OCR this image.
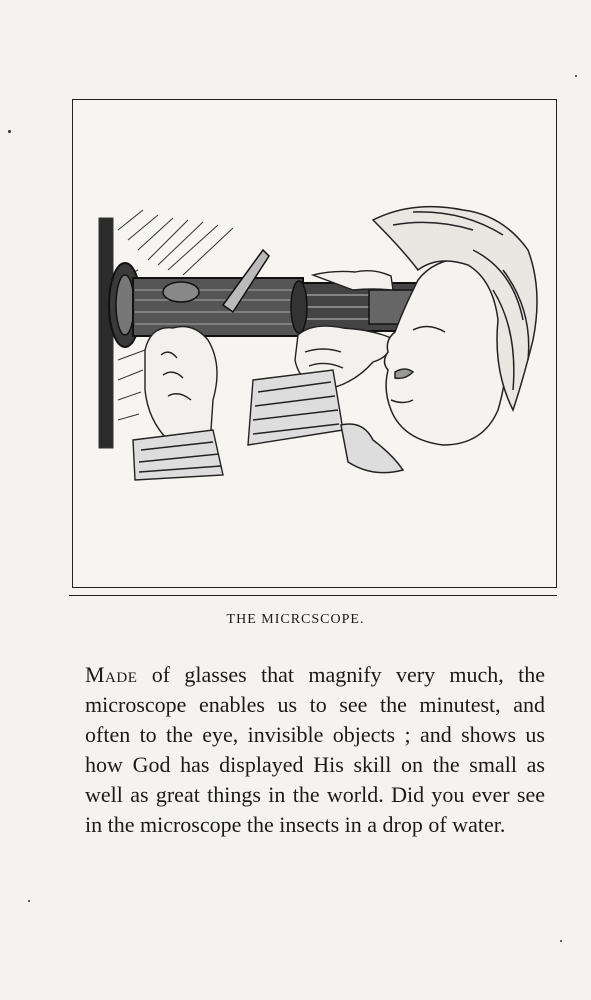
THE MICRCSCOPE.
Made of glasses that magnify very much, the microscope enables us to see the minutest, and often to the eye, invisible objects ; and shows us how God has displayed His skill on the small as well as great things in the world. Did you ever see in the microscope the insects in a drop of water.
